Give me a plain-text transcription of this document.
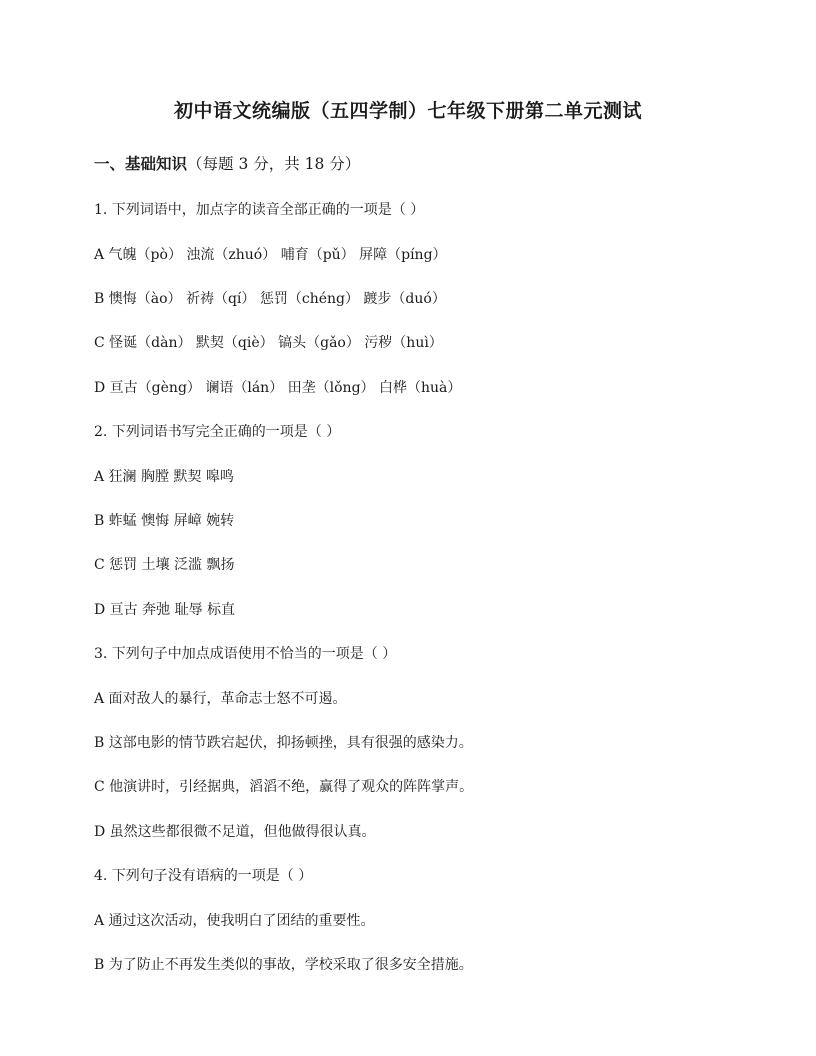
初中语文统编版（五四学制）七年级下册第二单元测试
一、基础知识（每题 3 分，共 18 分）
1. 下列词语中，加点字的读音全部正确的一项是（ ）
A 气魄（pò） 浊流（zhuó） 哺育（pǔ） 屏障（píng）
B 懊悔（ào） 祈祷（qí） 惩罚（chéng） 踱步（duó）
C 怪诞（dàn） 默契（qiè） 镐头（gǎo） 污秽（huì）
D 亘古（gèng） 谰语（lán） 田垄（lǒng） 白桦（huà）
2. 下列词语书写完全正确的一项是（ ）
A 狂澜 胸膛 默契 嗥鸣
B 蚱蜢 懊悔 屏嶂 婉转
C 惩罚 土壤 泛滥 飘扬
D 亘古 奔弛 耻辱 标直
3. 下列句子中加点成语使用不恰当的一项是（ ）
A 面对敌人的暴行，革命志士怒不可遏。
B 这部电影的情节跌宕起伏，抑扬顿挫，具有很强的感染力。
C 他演讲时，引经据典，滔滔不绝，赢得了观众的阵阵掌声。
D 虽然这些都很微不足道，但他做得很认真。
4. 下列句子没有语病的一项是（ ）
A 通过这次活动，使我明白了团结的重要性。
B 为了防止不再发生类似的事故，学校采取了很多安全措施。
